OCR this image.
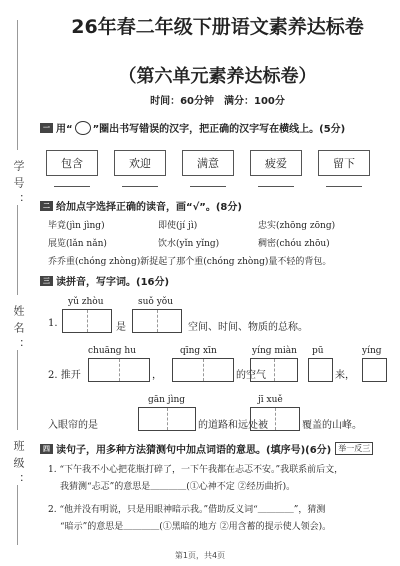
学号：
姓名：
班级：
26年春二年级下册语文素养达标卷
（第六单元素养达标卷）
时间：60分钟　满分：100分
一 用“ ”圈出书写错误的汉字，把正确的汉字写在横线上。(5分)
包含	欢迎	满意	疲爱	留下
二 给加点字选择正确的读音，画“√”。(8分)
毕竟(jìn jìng)	即使(jí jì)	忠实(zhōng zōng)
展览(lǎn nǎn)	饮水(yǐn yǐng)	稠密(chóu zhōu)
乔乔重(chóng zhòng)新捉起了那个重(chóng zhòng)量不轻的背包。
三 读拼音，写字词。(16分)
yǔ zhòu	suǒ yǒu
1.	是	空间、时间、物质的总称。
chuāng hu	qīng xīn	yíng miàn pū	yíng
2. 推开	，	的空气	来，
gān jìng	jī xuě
入眼帘的是	的道路和远处被	覆盖的山峰。
四 读句子，用多种方法猜测句中加点词语的意思。(填序号)(6分) 举一反三
1. “下午我不小心把花瓶打碎了，一下午我都在忐忑不安。”我联系前后文，
我猜测“忐忑”的意思是＿＿＿＿(①心神不定 ②经历曲折)。
2. “他并没有明说，只是用眼神暗示我。”借助反义词“＿＿＿＿”，猜测
“暗示”的意思是＿＿＿＿(①黑暗的地方 ②用含蓄的提示使人领会)。
第1页，共4页
